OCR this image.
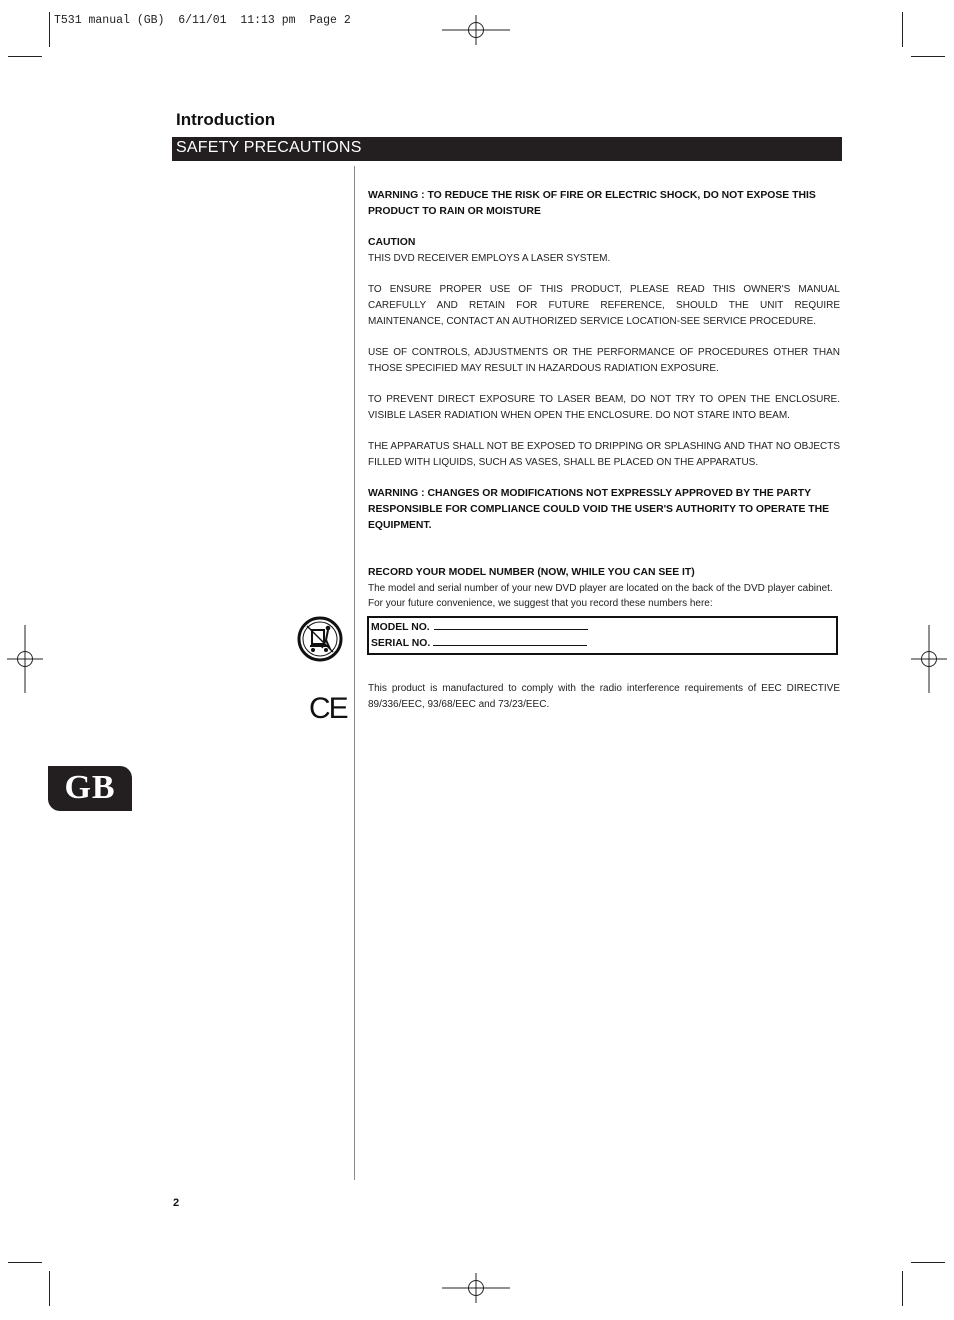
T531 manual (GB)  6/11/01  11:13 pm  Page 2
Introduction
SAFETY PRECAUTIONS

WARNING : TO REDUCE THE RISK OF FIRE OR ELECTRIC SHOCK, DO NOT EXPOSE THIS PRODUCT TO RAIN OR MOISTURE

CAUTION

THIS DVD RECEIVER EMPLOYS A LASER SYSTEM.

TO ENSURE PROPER USE OF THIS PRODUCT, PLEASE READ THIS OWNER'S MANUAL CAREFULLY AND RETAIN FOR FUTURE REFERENCE, SHOULD THE UNIT REQUIRE MAINTENANCE, CONTACT AN AUTHORIZED SERVICE LOCATION-SEE SERVICE PROCEDURE.

USE OF CONTROLS, ADJUSTMENTS OR THE PERFORMANCE OF PROCEDURES OTHER THAN THOSE SPECIFIED MAY RESULT IN HAZARDOUS RADIATION EXPOSURE.

TO PREVENT DIRECT EXPOSURE TO LASER BEAM, DO NOT TRY TO OPEN THE ENCLOSURE. VISIBLE LASER RADIATION WHEN OPEN THE ENCLOSURE. DO NOT STARE INTO BEAM.

THE APPARATUS SHALL NOT BE EXPOSED TO DRIPPING OR SPLASHING AND THAT NO OBJECTS FILLED WITH LIQUIDS, SUCH AS VASES, SHALL BE PLACED ON THE APPARATUS.

WARNING : CHANGES OR MODIFICATIONS NOT EXPRESSLY APPROVED BY THE PARTY RESPONSIBLE FOR COMPLIANCE COULD VOID THE USER'S AUTHORITY TO OPERATE THE EQUIPMENT.

RECORD YOUR MODEL NUMBER (NOW, WHILE YOU CAN SEE IT)

The model and serial number of your new DVD player are located on the back of the DVD player cabinet. For your future convenience, we suggest that you record these numbers here:

MODEL NO.
SERIAL NO.

This product is manufactured to comply with the radio interference requirements of EEC DIRECTIVE 89/336/EEC, 93/68/EEC and 73/23/EEC.

CE
GB
2
